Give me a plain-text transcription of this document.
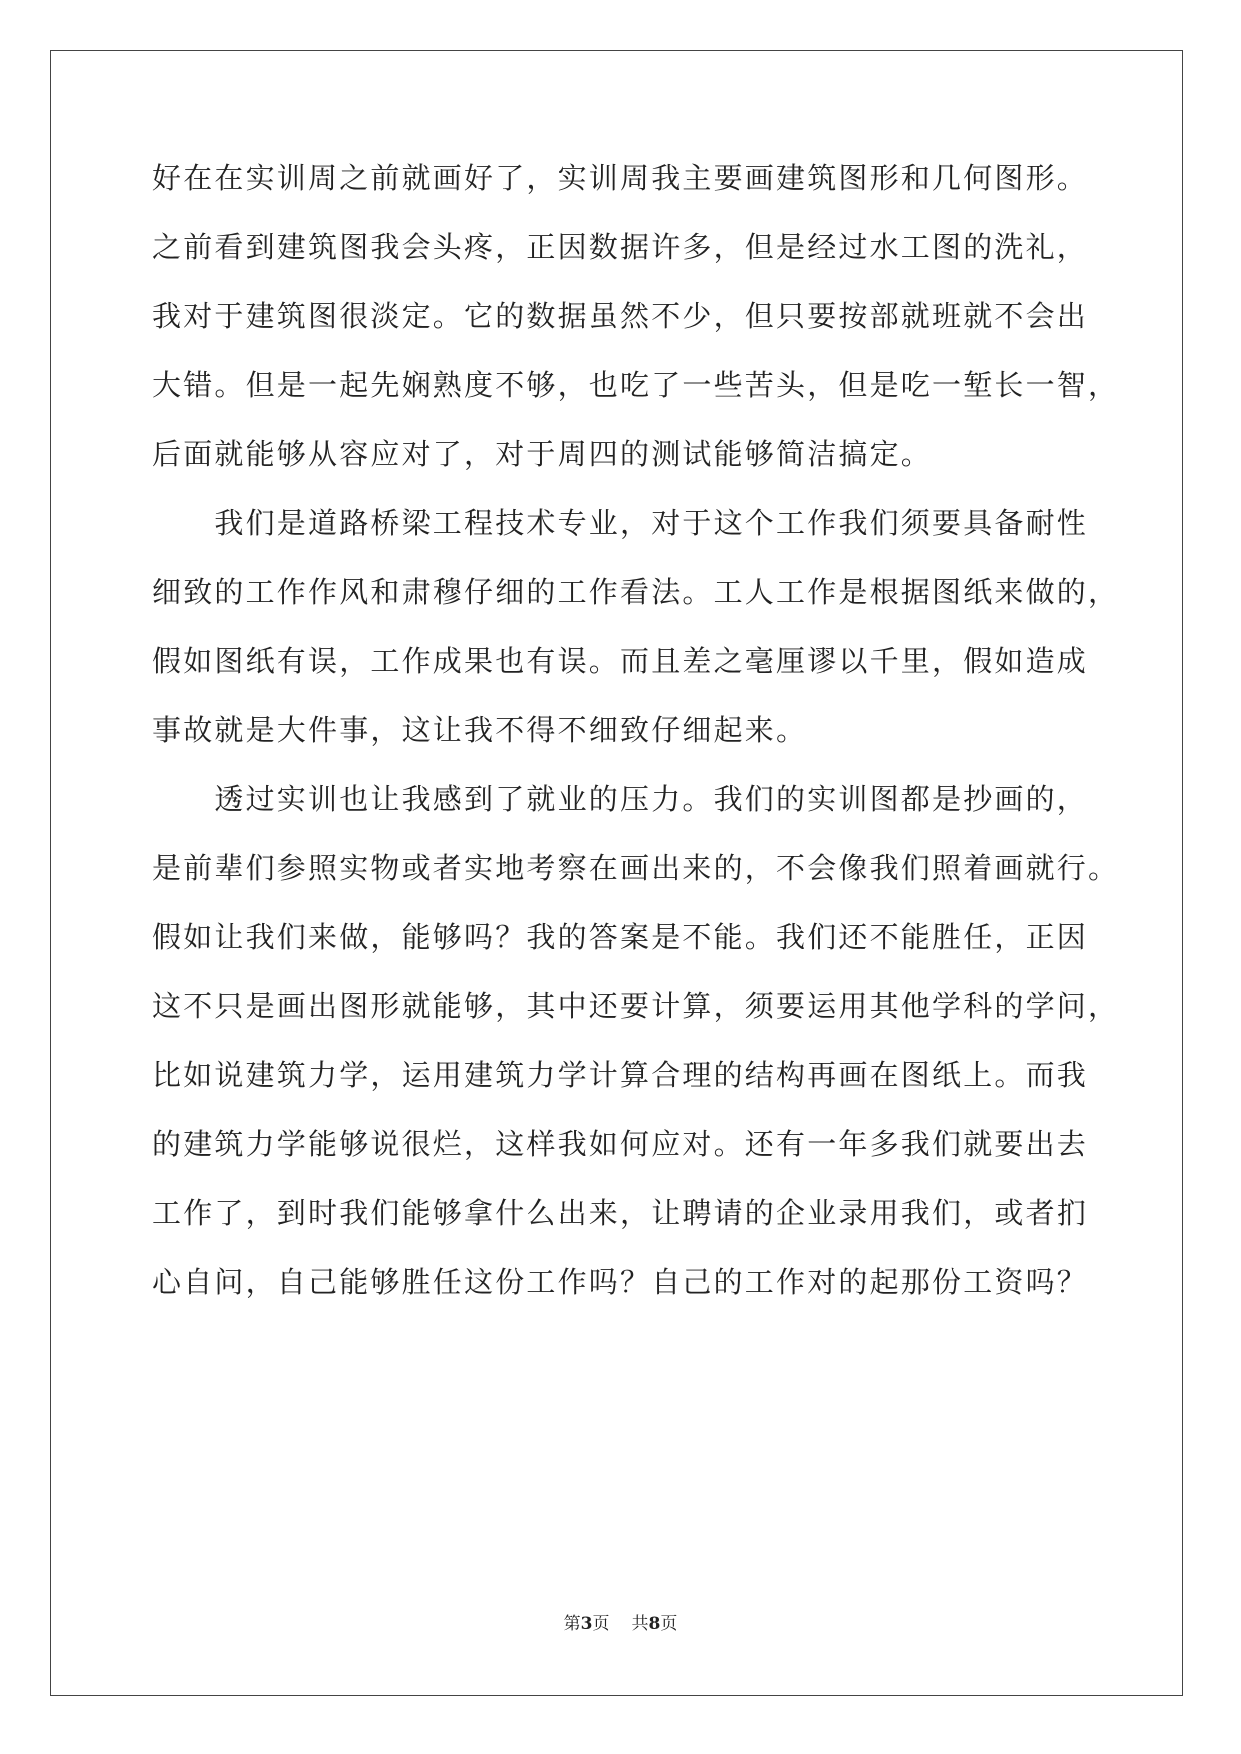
好在在实训周之前就画好了，实训周我主要画建筑图形和几何图形。
之前看到建筑图我会头疼，正因数据许多，但是经过水工图的洗礼，
我对于建筑图很淡定。它的数据虽然不少，但只要按部就班就不会出
大错。但是一起先娴熟度不够，也吃了一些苦头，但是吃一堑长一智，
后面就能够从容应对了，对于周四的测试能够简洁搞定。
　　我们是道路桥梁工程技术专业，对于这个工作我们须要具备耐性
细致的工作作风和肃穆仔细的工作看法。工人工作是根据图纸来做的，
假如图纸有误，工作成果也有误。而且差之毫厘谬以千里，假如造成
事故就是大件事，这让我不得不细致仔细起来。
　　透过实训也让我感到了就业的压力。我们的实训图都是抄画的，
是前辈们参照实物或者实地考察在画出来的，不会像我们照着画就行。
假如让我们来做，能够吗？我的答案是不能。我们还不能胜任，正因
这不只是画出图形就能够，其中还要计算，须要运用其他学科的学问，
比如说建筑力学，运用建筑力学计算合理的结构再画在图纸上。而我
的建筑力学能够说很烂，这样我如何应对。还有一年多我们就要出去
工作了，到时我们能够拿什么出来，让聘请的企业录用我们，或者扪
心自问，自己能够胜任这份工作吗？自己的工作对的起那份工资吗？
第3页 共8页
